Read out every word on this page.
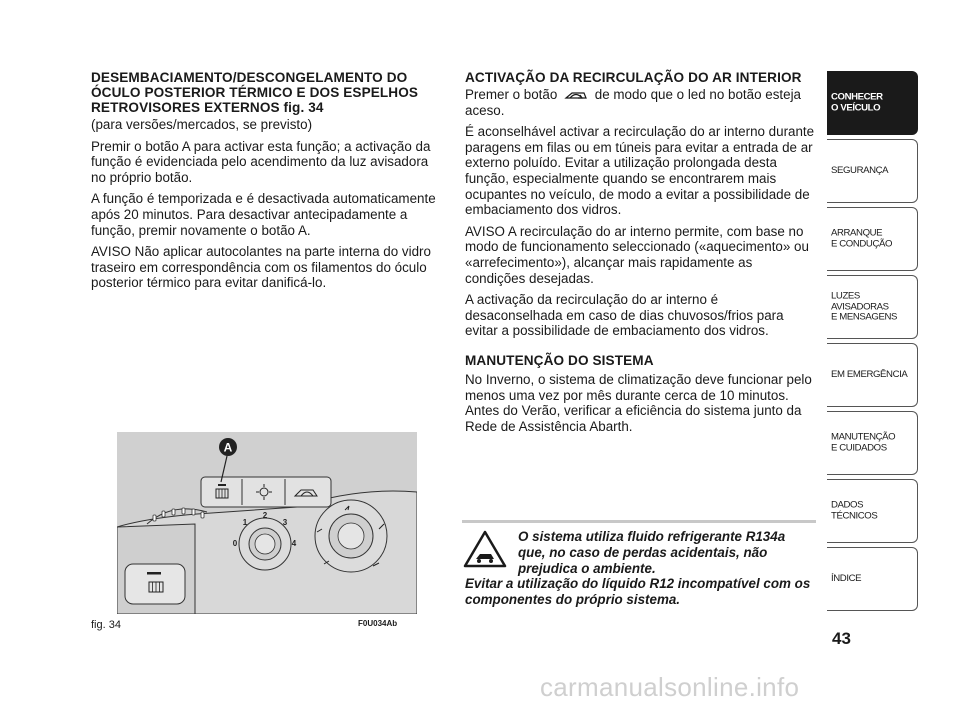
DESEMBACIAMENTO/DESCONGELAMENTO DO ÓCULO POSTERIOR TÉRMICO E DOS ESPELHOS RETROVISORES EXTERNOS fig. 34

(para versões/mercados, se previsto)

Premir o botão A para activar esta função; a activação da função é evidenciada pelo acendimento da luz avisadora no próprio botão.

A função é temporizada e é desactivada automaticamente após 20 minutos. Para desactivar antecipadamente a função, premir novamente o botão A.

AVISO Não aplicar autocolantes na parte interna do vidro traseiro em correspondência com os filamentos do óculo posterior térmico para evitar danificá-lo.

ACTIVAÇÃO DA RECIRCULAÇÃO DO AR INTERIOR

Premer o botão	de modo que o led no botão esteja aceso.

É aconselhável activar a recirculação do ar interno durante paragens em filas ou em túneis para evitar a entrada de ar externo poluído. Evitar a utilização prolongada desta função, especialmente quando se encontrarem mais ocupantes no veículo, de modo a evitar a possibilidade de embaciamento dos vidros.

AVISO A recirculação do ar interno permite, com base no modo de funcionamento seleccionado («aquecimento» ou «arrefecimento»), alcançar mais rapidamente as condições desejadas.

A activação da recirculação do ar interno é desaconselhada em caso de dias chuvosos/frios para evitar a possibilidade de embaciamento dos vidros.

MANUTENÇÃO DO SISTEMA

No Inverno, o sistema de climatização deve funcionar pelo menos uma vez por mês durante cerca de 10 minutos. Antes do Verão, verificar a eficiência do sistema junto da Rede de Assistência Abarth.

A
0
1
2
3
4
fig. 34	F0U034Ab
O sistema utiliza fluido refrigerante R134a que, no caso de perdas acidentais, não prejudica o ambiente.
Evitar a utilização do líquido R12 incompatível com os componentes do próprio sistema.
CONHECER
O VEÍCULO
SEGURANÇA
ARRANQUE
E CONDUÇÃO
LUZES
AVISADORAS
E MENSAGENS
EM EMERGÊNCIA
MANUTENÇÃO
E CUIDADOS
DADOS
TÉCNICOS
ÍNDICE
43
carmanualsonline.info
